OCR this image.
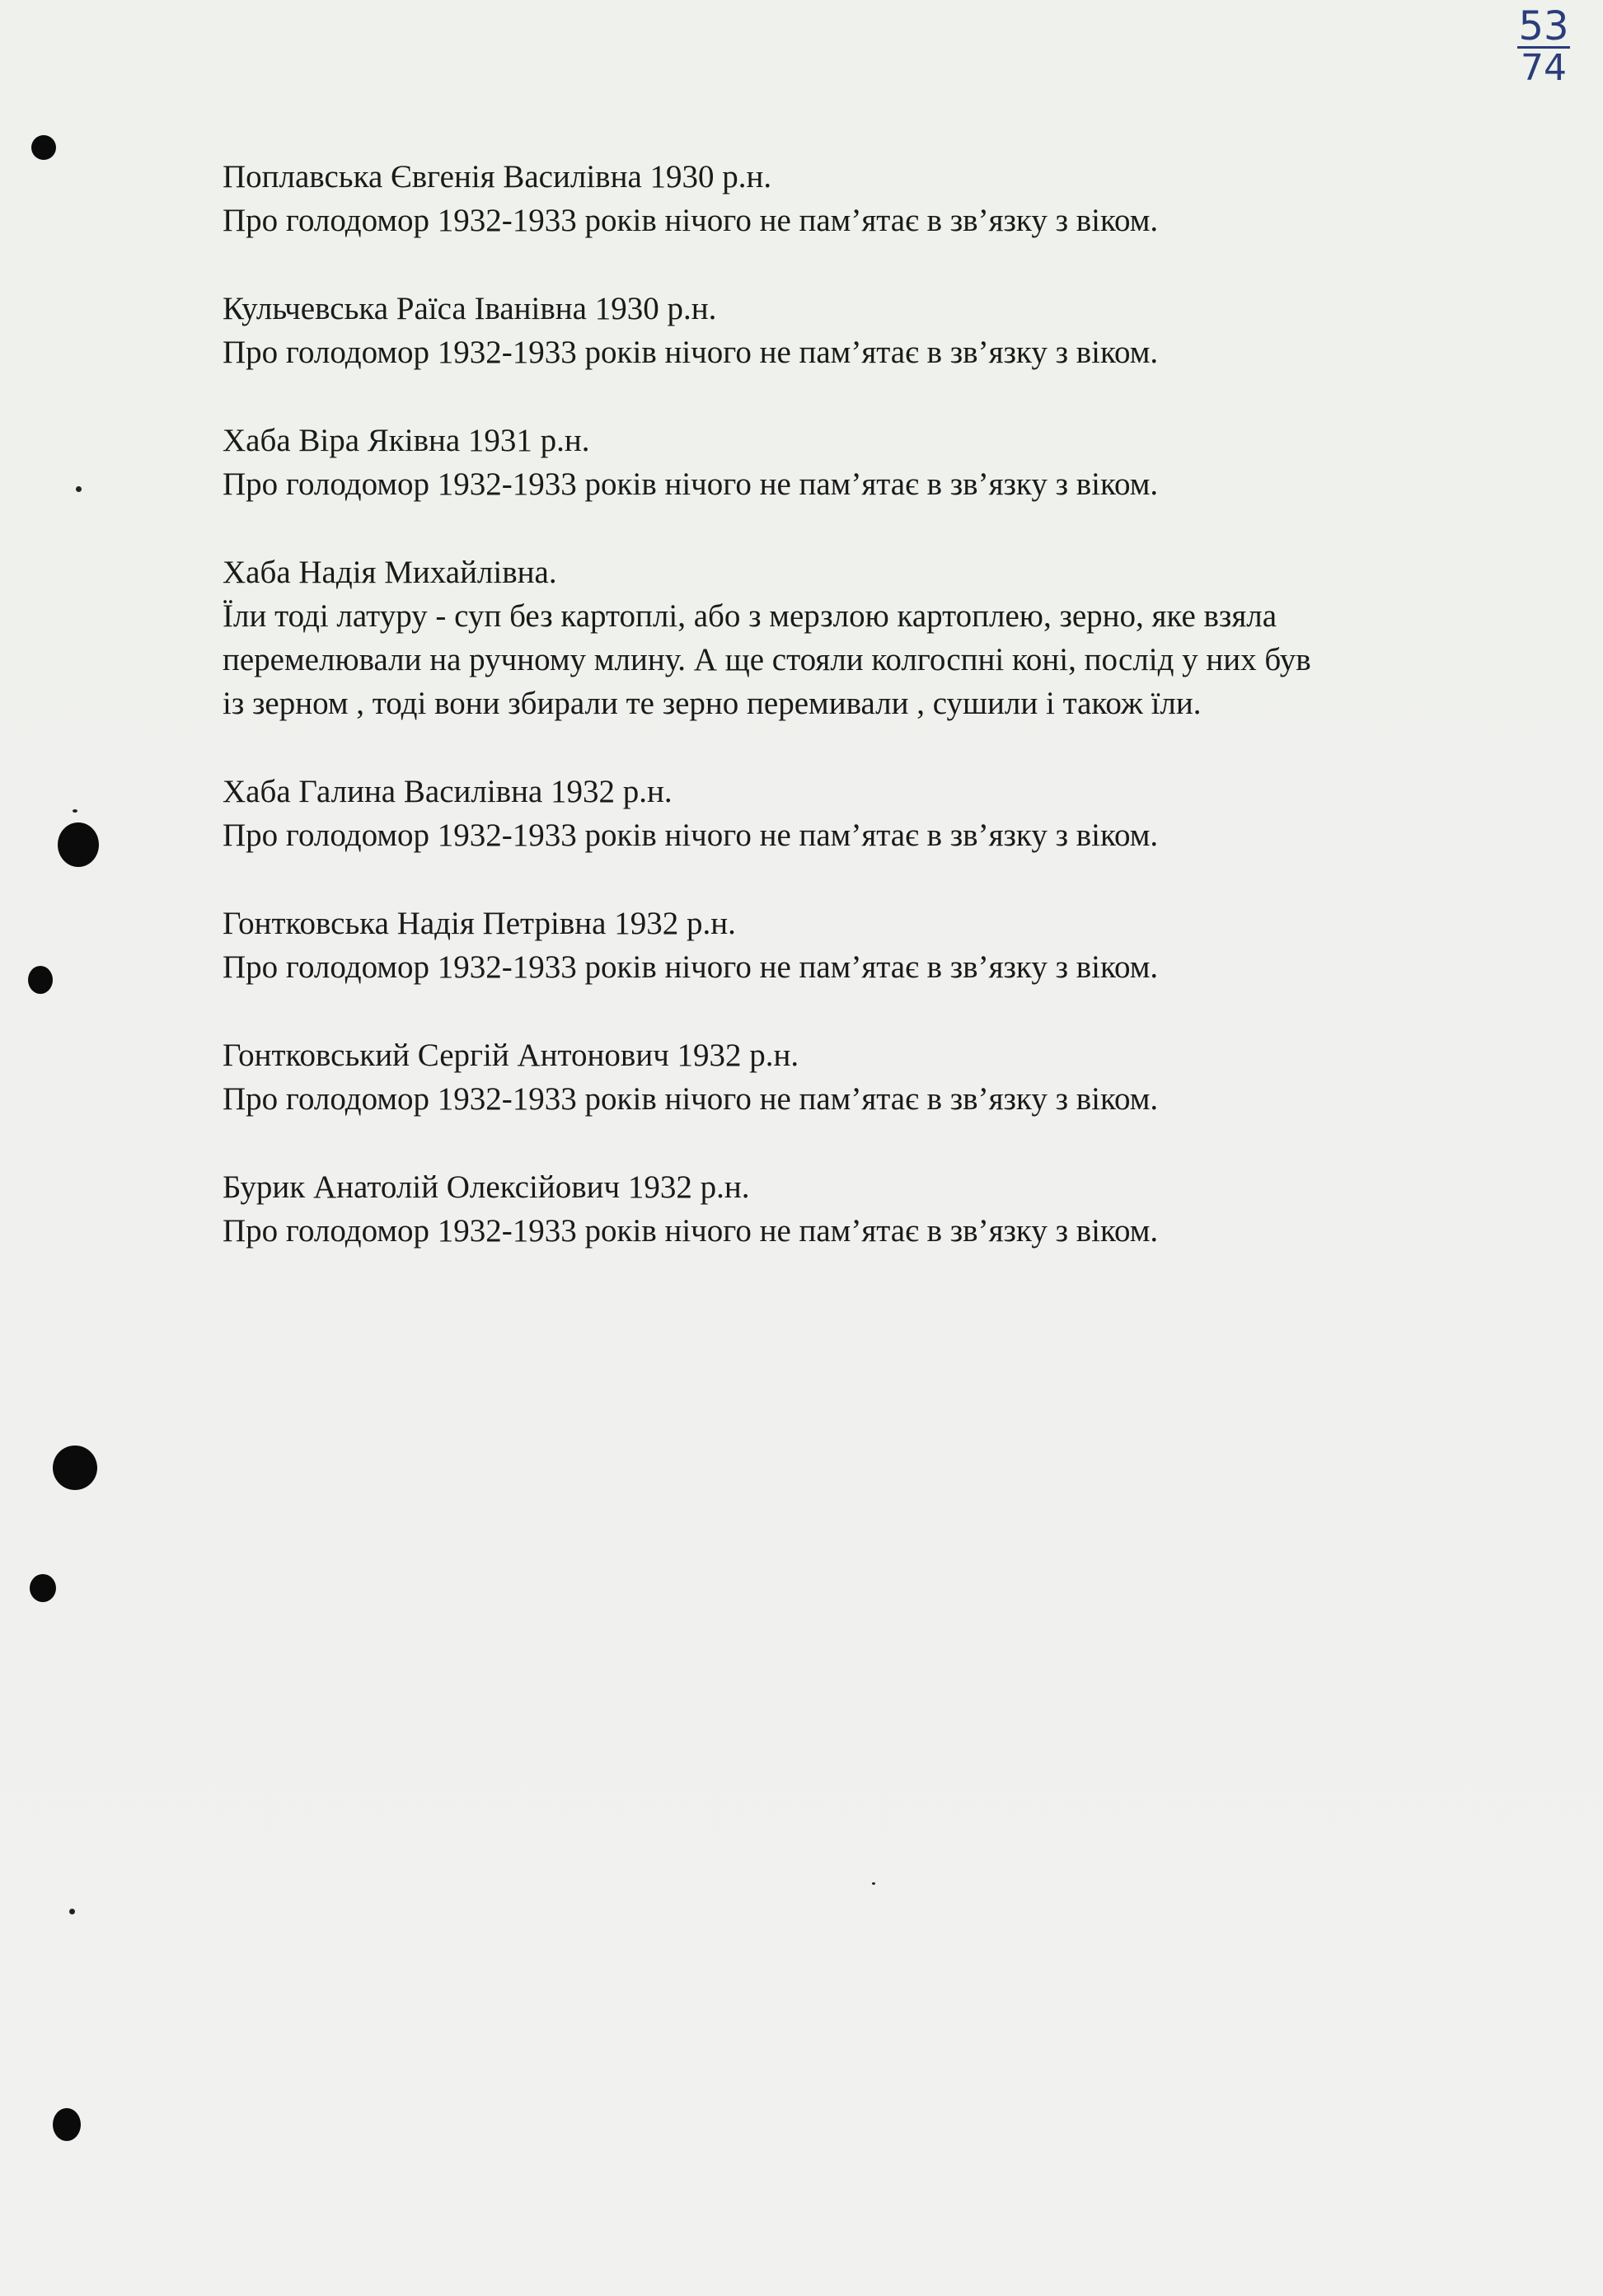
53
74

Поплавська Євгенія Василівна 1930 р.н.

Про голодомор 1932-1933 років нічого не пам’ятає в зв’язку з віком.

Кульчевська Раїса Іванівна 1930 р.н.

Про голодомор 1932-1933 років нічого не пам’ятає в зв’язку з віком.

Хаба Віра Яківна 1931 р.н.

Про голодомор 1932-1933 років нічого не пам’ятає в зв’язку з віком.

Хаба Надія Михайлівна.

Їли тоді латуру - суп без картоплі, або з мерзлою картоплею, зерно, яке взяла

перемелювали на ручному млину. А ще стояли колгоспні коні, послід у них був

із зерном , тоді вони збирали те зерно перемивали , сушили і також їли.

Хаба Галина Василівна 1932 р.н.

Про голодомор 1932-1933 років нічого не пам’ятає в зв’язку з віком.

Гонтковська Надія Петрівна 1932 р.н.

Про голодомор 1932-1933 років нічого не пам’ятає в зв’язку з віком.

Гонтковський Сергій Антонович 1932 р.н.

Про голодомор 1932-1933 років нічого не пам’ятає в зв’язку з віком.

Бурик Анатолій Олексійович 1932 р.н.

Про голодомор 1932-1933 років нічого не пам’ятає в зв’язку з віком.
